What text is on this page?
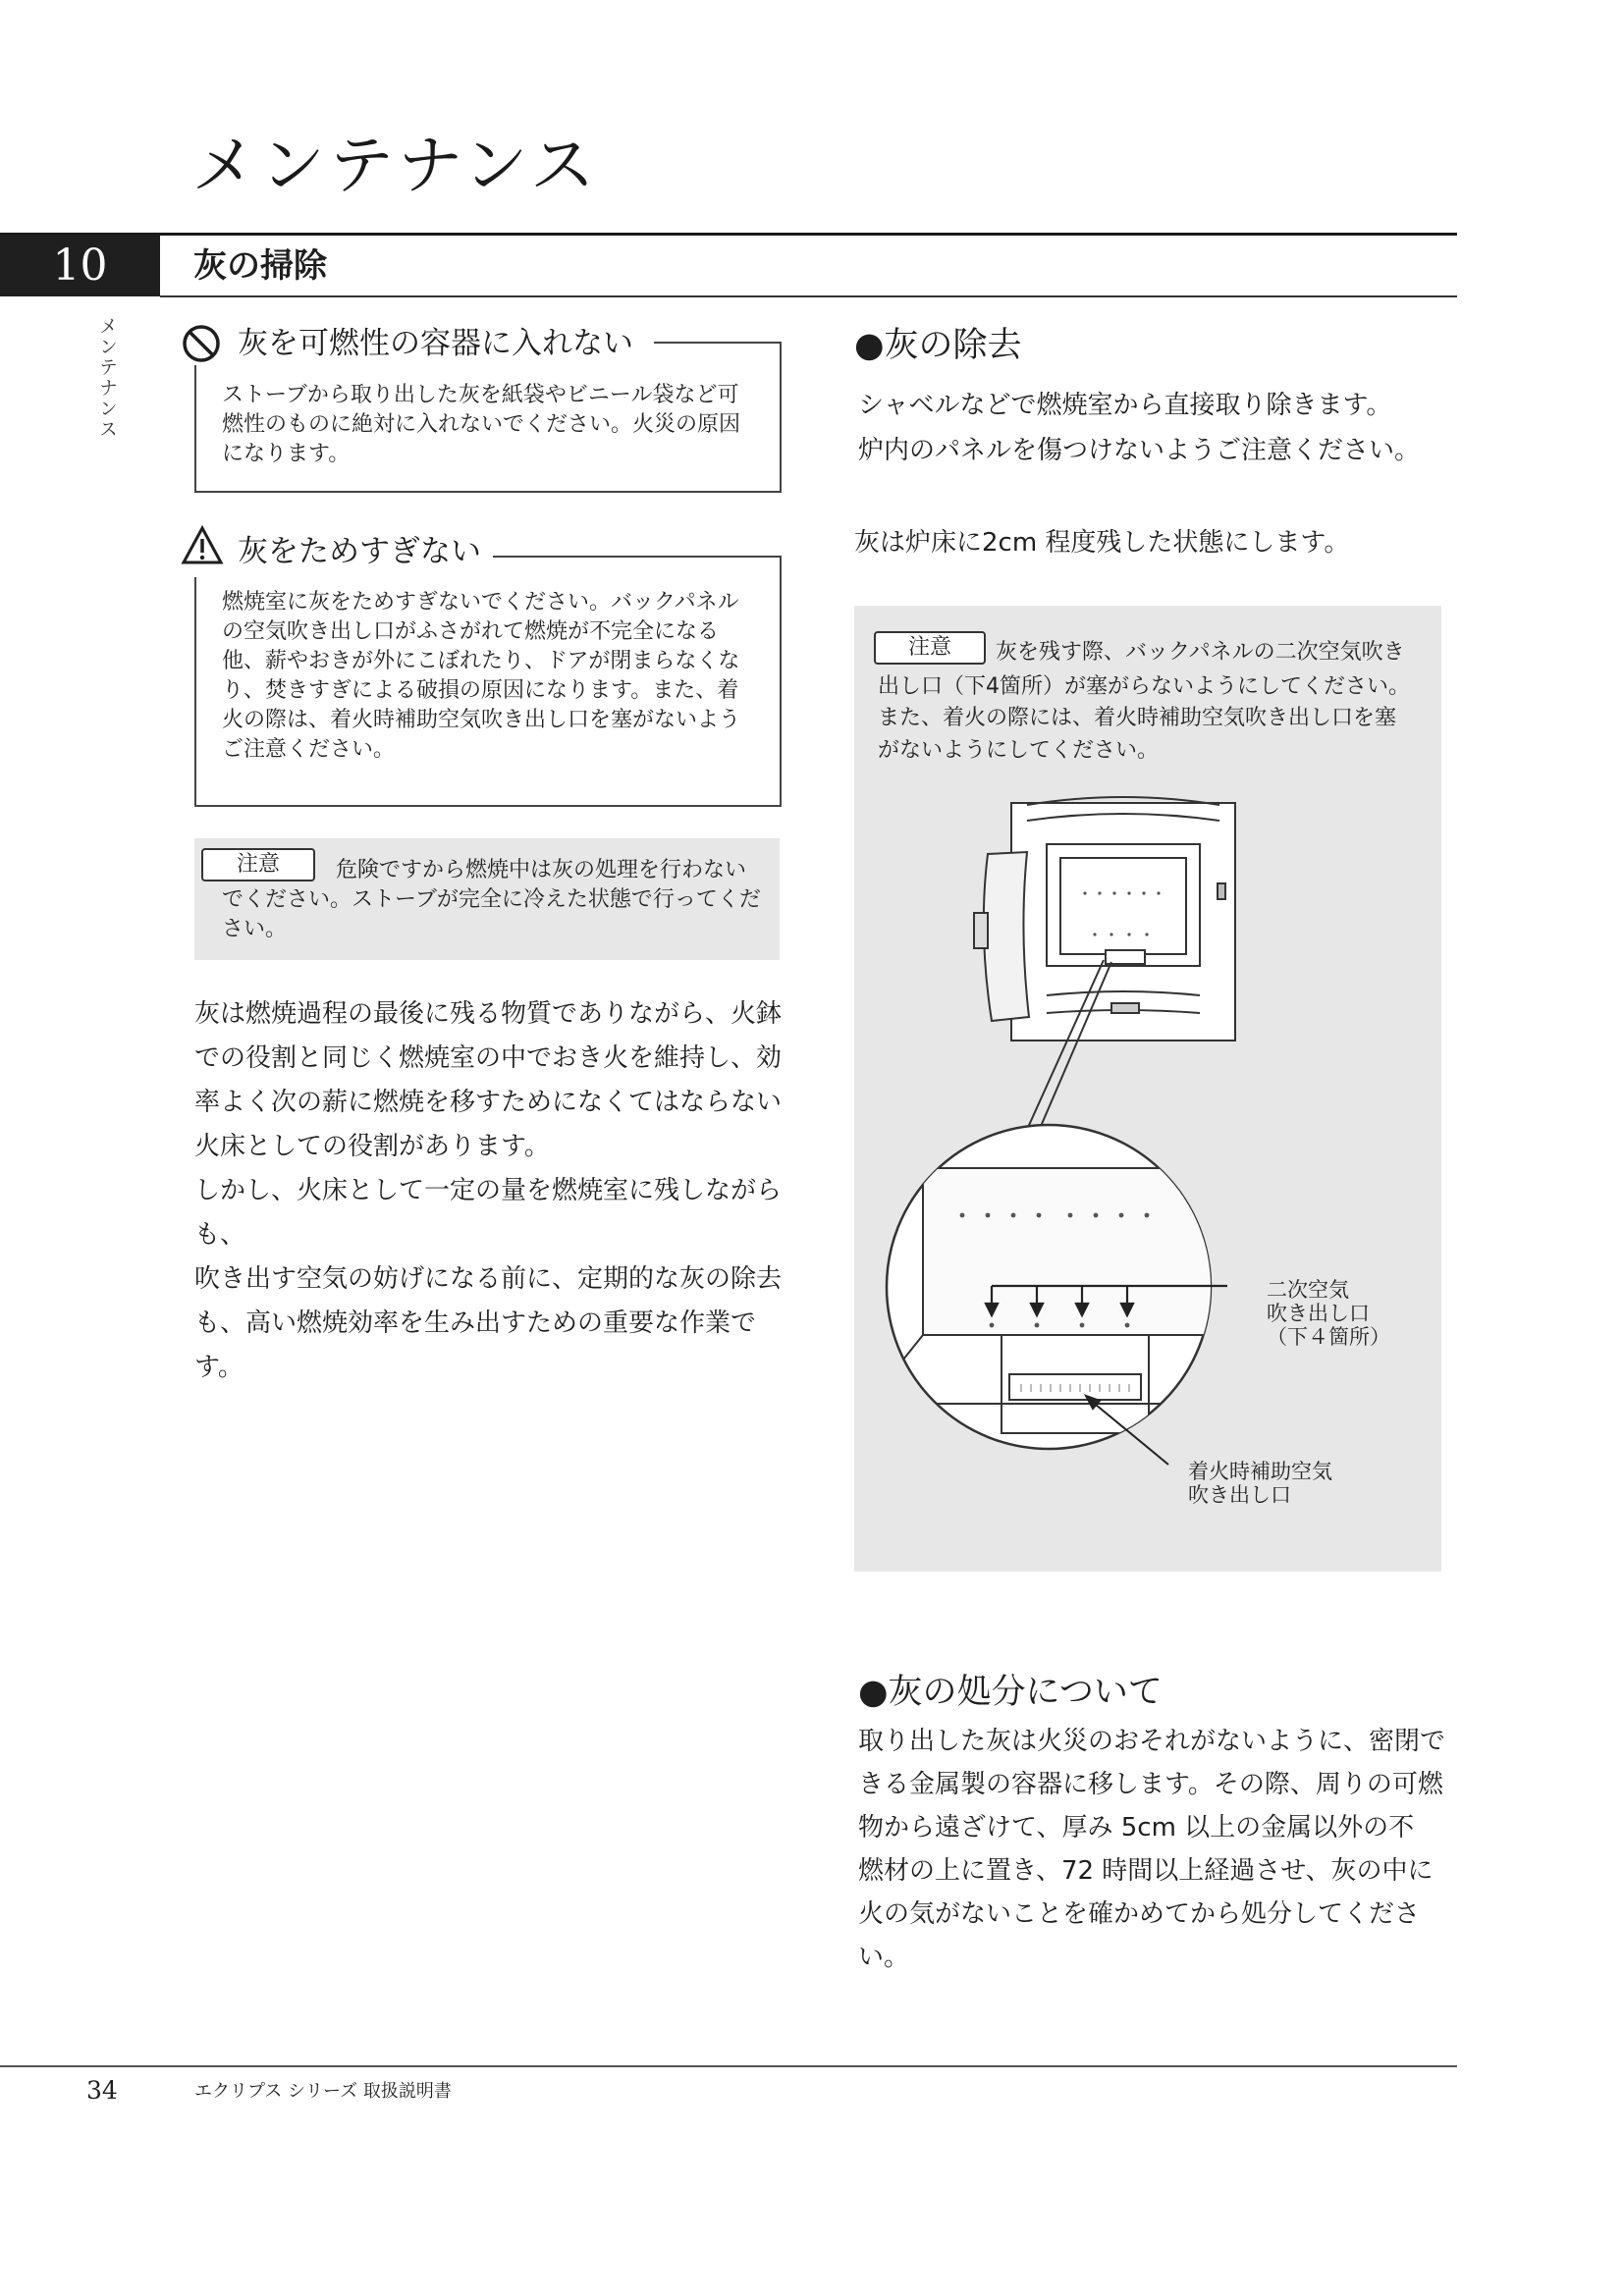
メンテナンス
10	灰の掃除
メンテナンス	灰を可燃性の容器に入れない
ストーブから取り出した灰を紙袋やビニール袋など可
燃性のものに絶対に入れないでください。火災の原因
になります。
灰をためすぎない
燃焼室に灰をためすぎないでください。バックパネル
の空気吹き出し口がふさがれて燃焼が不完全になる
他、薪やおきが外にこぼれたり、ドアが閉まらなくな
り、焚きすぎによる破損の原因になります。また、着
火の際は、着火時補助空気吹き出し口を塞がないよう
ご注意ください。
注意	危険ですから燃焼中は灰の処理を行わない
でください。ストーブが完全に冷えた状態で行ってくだ
さい。
灰は燃焼過程の最後に残る物質でありながら、火鉢
での役割と同じく燃焼室の中でおき火を維持し、効
率よく次の薪に燃焼を移すためになくてはならない
火床としての役割があります。
しかし、火床として一定の量を燃焼室に残しながらも、
吹き出す空気の妨げになる前に、定期的な灰の除去
も、高い燃焼効率を生み出すための重要な作業です。
●灰の除去
シャベルなどで燃焼室から直接取り除きます。
炉内のパネルを傷つけないようご注意ください。
灰は炉床に2cm 程度残した状態にします。
注意	灰を残す際、バックパネルの二次空気吹き
出し口（下4箇所）が塞がらないようにしてください。
また、着火の際には、着火時補助空気吹き出し口を塞
がないようにしてください。
二次空気
吹き出し口
（下４箇所）
着火時補助空気
吹き出し口
●灰の処分について
取り出した灰は火災のおそれがないように、密閉で
きる金属製の容器に移します。その際、周りの可燃
物から遠ざけて、厚み 5cm 以上の金属以外の不
燃材の上に置き、72 時間以上経過させ、灰の中に
火の気がないことを確かめてから処分してください。
34	エクリプス シリーズ 取扱説明書
